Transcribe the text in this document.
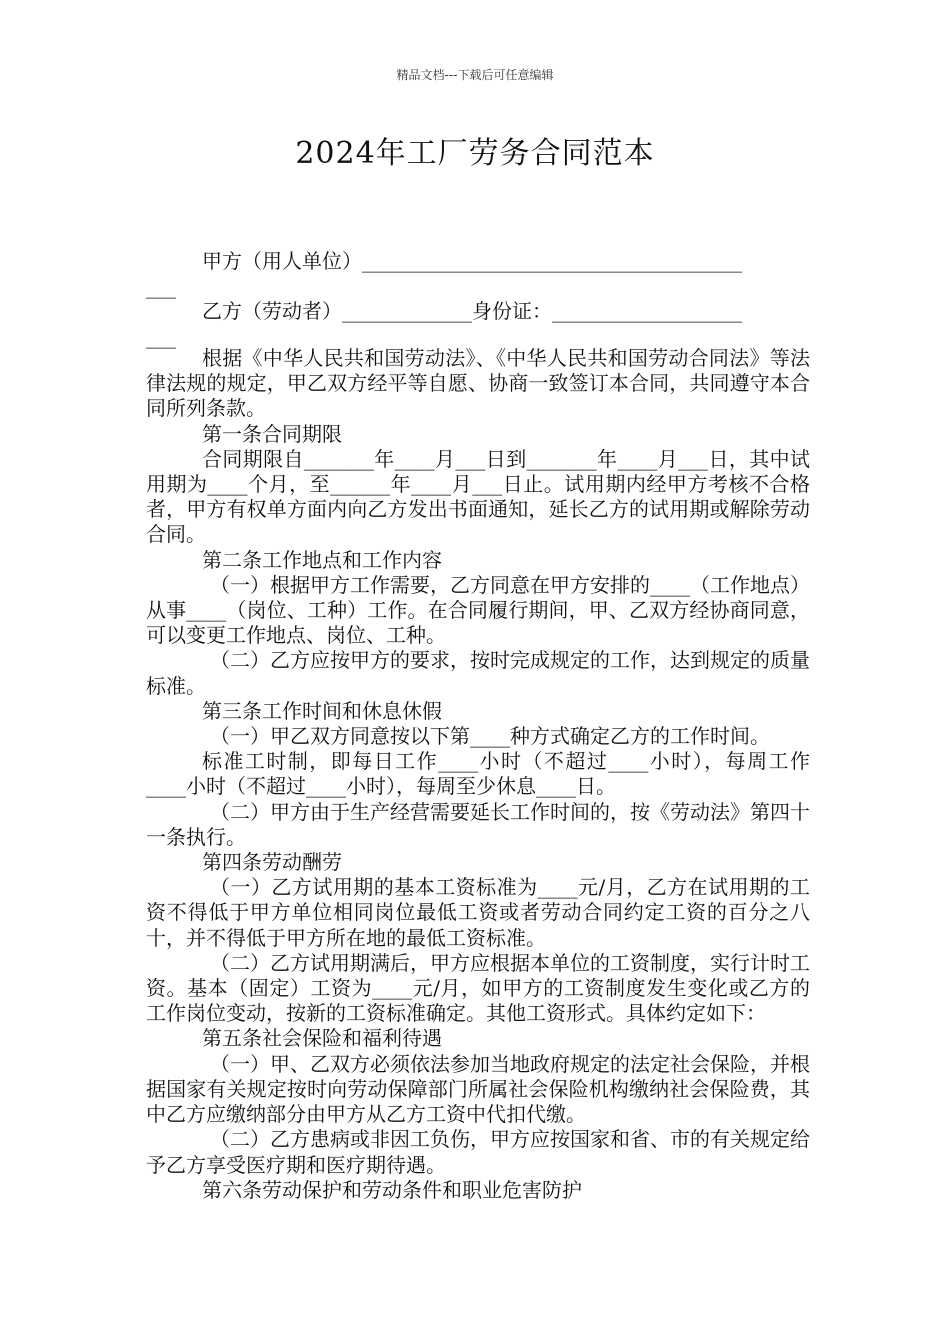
精品文档---下载后可任意编辑
2024年工厂劳务合同范本
甲方（用人单位）______________________________________
___
乙方（劳动者）_____________身份证：___________________
___

根据《中华人民共和国劳动法》、《中华人民共和国劳动合同法》等法律法规的规定，甲乙双方经平等自愿、协商一致签订本合同，共同遵守本合同所列条款。

第一条合同期限

合同期限自_______年____月___日到_______年____月___日，其中试用期为____个月，至______年____月___日止。试用期内经甲方考核不合格者，甲方有权单方面内向乙方发出书面通知，延长乙方的试用期或解除劳动合同。

第二条工作地点和工作内容

（一）根据甲方工作需要，乙方同意在甲方安排的____（工作地点）从事____（岗位、工种）工作。在合同履行期间，甲、乙双方经协商同意，可以变更工作地点、岗位、工种。

（二）乙方应按甲方的要求，按时完成规定的工作，达到规定的质量标准。

第三条工作时间和休息休假

（一）甲乙双方同意按以下第____种方式确定乙方的工作时间。

标准工时制，即每日工作____小时（不超过____小时），每周工作____小时（不超过____小时），每周至少休息____日。

（二）甲方由于生产经营需要延长工作时间的，按《劳动法》第四十一条执行。

第四条劳动酬劳

（一）乙方试用期的基本工资标准为____元/月，乙方在试用期的工资不得低于甲方单位相同岗位最低工资或者劳动合同约定工资的百分之八十，并不得低于甲方所在地的最低工资标准。

（二）乙方试用期满后，甲方应根据本单位的工资制度，实行计时工资。基本（固定）工资为____元/月，如甲方的工资制度发生变化或乙方的工作岗位变动，按新的工资标准确定。其他工资形式。具体约定如下：

第五条社会保险和福利待遇

（一）甲、乙双方必须依法参加当地政府规定的法定社会保险，并根据国家有关规定按时向劳动保障部门所属社会保险机构缴纳社会保险费，其中乙方应缴纳部分由甲方从乙方工资中代扣代缴。

（二）乙方患病或非因工负伤，甲方应按国家和省、市的有关规定给予乙方享受医疗期和医疗期待遇。

第六条劳动保护和劳动条件和职业危害防护
